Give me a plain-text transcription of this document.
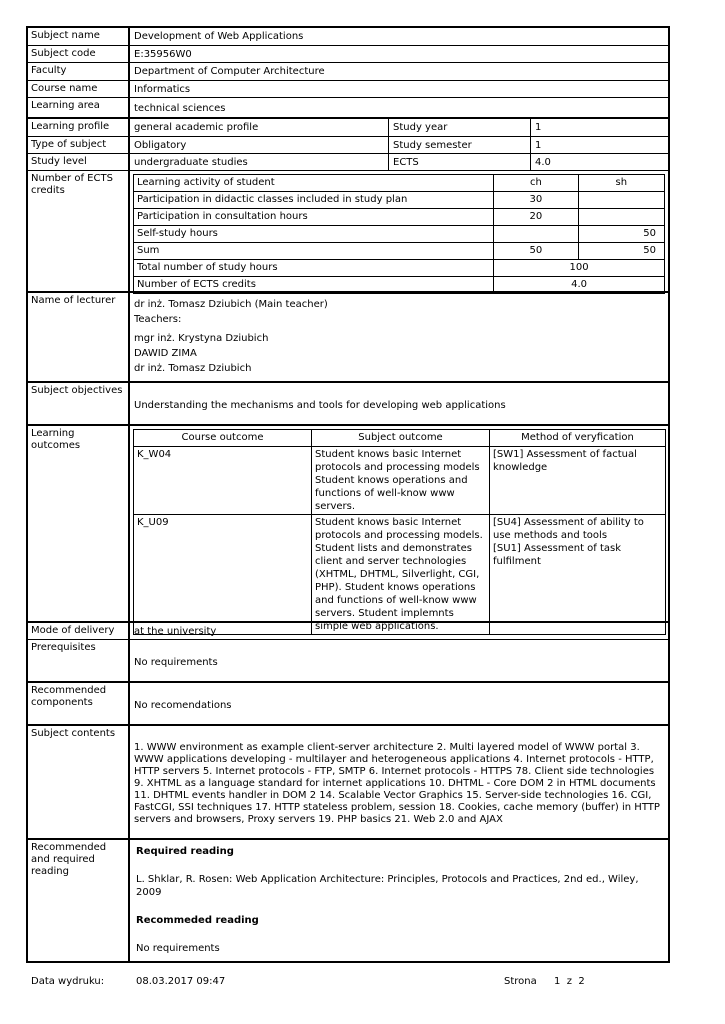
Subject name	Development of Web Applications
Subject code	E:35956W0
Faculty	Department of Computer Architecture
Course name	Informatics
Learning area	technical sciences
Learning profile	general academic profile	Study year	1
Type of subject	Obligatory	Study semester	1
Study level	undergraduate studies	ECTS	4.0
Number of ECTS credits
Learning activity of student	ch	sh
Participation in didactic classes included in study plan	30	
Participation in consultation hours	20	
Self-study hours		50
Sum	50	50
Total number of study hours	100	
Number of ECTS credits	4.0	
Name of lecturer	dr inż. Tomasz Dziubich (Main teacher)
Teachers:
mgr inż. Krystyna Dziubich
DAWID ZIMA
dr inż. Tomasz Dziubich
Subject objectives
Understanding the mechanisms and tools for developing web applications
Learning outcomes
Course outcome	Subject outcome	Method of veryfication
K_W04	Student knows basic Internet protocols and processing models Student knows operations and functions of well-know www servers.	[SW1] Assessment of factual knowledge
K_U09	Student knows basic Internet protocols and processing models. Student lists and demonstrates client and server technologies (XHTML, DHTML, Silverlight, CGI, PHP). Student knows operations and functions of well-know www servers. Student implemnts simple web applications.	[SU4] Assessment of ability to use methods and tools
[SU1] Assessment of task fulfilment
Mode of delivery	at the university
Prerequisites
No requirements
Recommended components	No recomendations
Subject contents
1. WWW environment as example client-server architecture 2. Multi layered model of WWW portal 3. WWW applications developing - multilayer and heterogeneous applications 4. Internet protocols - HTTP, HTTP servers 5. Internet protocols - FTP, SMTP 6. Internet protocols - HTTPS 78. Client side technologies 9. XHTML as a language standard for internet applications 10. DHTML - Core DOM 2 in HTML documents 11. DHTML events handler in DOM 2 14. Scalable Vector Graphics 15. Server-side technologies 16. CGI, FastCGI, SSI techniques 17. HTTP stateless problem, session 18. Cookies, cache memory (buffer) in HTTP servers and browsers, Proxy servers 19. PHP basics 21. Web 2.0 and AJAX
Recommended and required reading
Required reading
L. Shklar, R. Rosen: Web Application Architecture: Principles, Protocols and Practices, 2nd ed., Wiley, 2009
Recommeded reading
No requirements
Data wydruku:	08.03.2017 09:47	Strona 1  z  2
